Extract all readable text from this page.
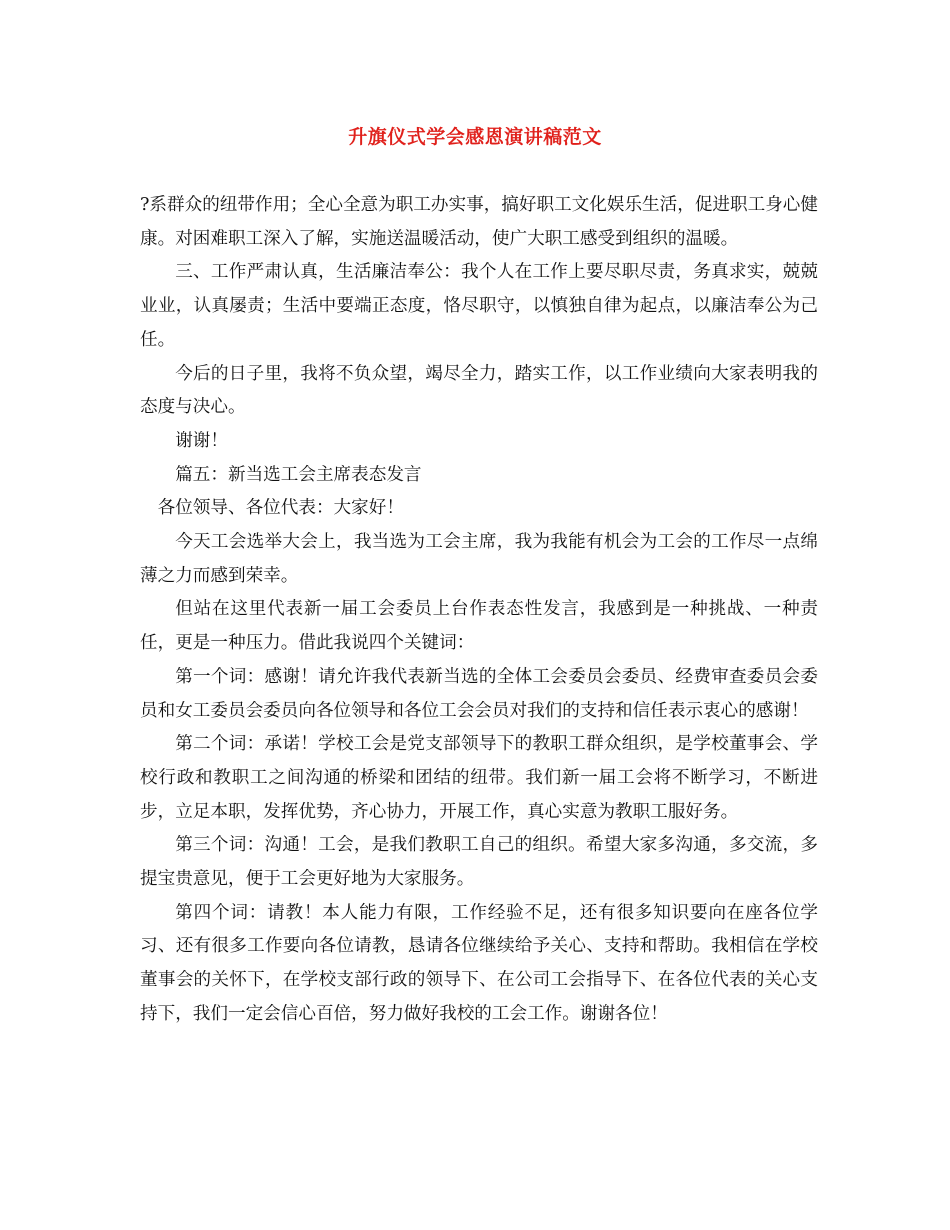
升旗仪式学会感恩演讲稿范文

?系群众的纽带作用；全心全意为职工办实事，搞好职工文化娱乐生活，促进职工身心健康。对困难职工深入了解，实施送温暖活动，使广大职工感受到组织的温暖。

三、工作严肃认真，生活廉洁奉公：我个人在工作上要尽职尽责，务真求实，兢兢业业，认真屡责；生活中要端正态度，恪尽职守，以慎独自律为起点，以廉洁奉公为己任。

今后的日子里，我将不负众望，竭尽全力，踏实工作，以工作业绩向大家表明我的态度与决心。

谢谢！

篇五：新当选工会主席表态发言

各位领导、各位代表：大家好！

今天工会选举大会上，我当选为工会主席，我为我能有机会为工会的工作尽一点绵薄之力而感到荣幸。

但站在这里代表新一届工会委员上台作表态性发言，我感到是一种挑战、一种责任，更是一种压力。借此我说四个关键词：

第一个词：感谢！请允许我代表新当选的全体工会委员会委员、经费审查委员会委员和女工委员会委员向各位领导和各位工会会员对我们的支持和信任表示衷心的感谢！

第二个词：承诺！学校工会是党支部领导下的教职工群众组织，是学校董事会、学校行政和教职工之间沟通的桥梁和团结的纽带。我们新一届工会将不断学习，不断进步，立足本职，发挥优势，齐心协力，开展工作，真心实意为教职工服好务。

第三个词：沟通！工会，是我们教职工自己的组织。希望大家多沟通，多交流，多提宝贵意见，便于工会更好地为大家服务。

第四个词：请教！本人能力有限，工作经验不足，还有很多知识要向在座各位学习、还有很多工作要向各位请教，恳请各位继续给予关心、支持和帮助。我相信在学校董事会的关怀下，在学校支部行政的领导下、在公司工会指导下、在各位代表的关心支持下，我们一定会信心百倍，努力做好我校的工会工作。谢谢各位！
